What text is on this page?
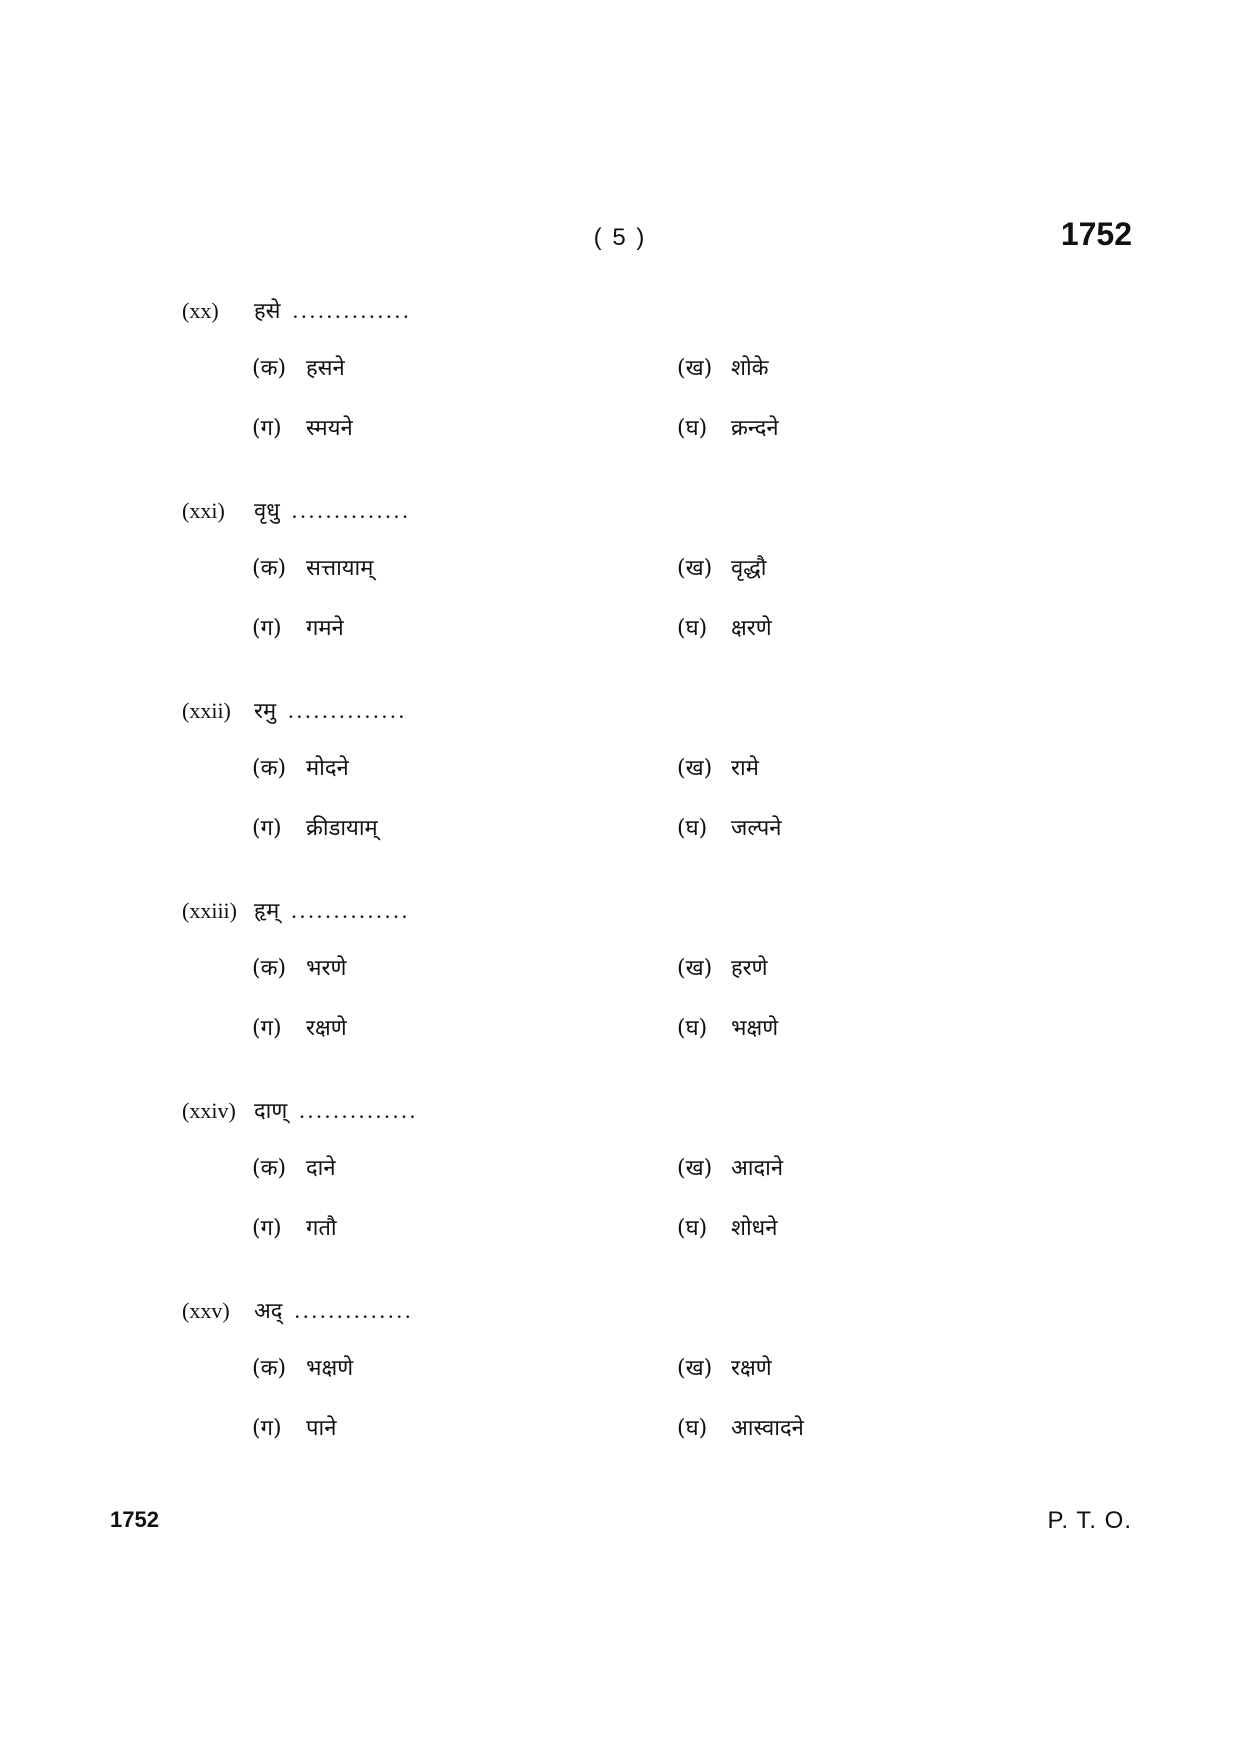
( 5 )	1752
(xx) हसे ..............
(क) हसने	(ख) शोके
(ग) स्मयने	(घ) क्रन्दने
(xxi) वृधु ..............
(क) सत्तायाम्	(ख) वृद्धौ
(ग) गमने	(घ) क्षरणे
(xxii) रमु ..............
(क) मोदने	(ख) रामे
(ग) क्रीडायाम्	(घ) जल्पने
(xxiii) हृम् ..............
(क) भरणे	(ख) हरणे
(ग) रक्षणे	(घ) भक्षणे
(xxiv) दाण् ..............
(क) दाने	(ख) आदाने
(ग) गतौ	(घ) शोधने
(xxv) अद् ..............
(क) भक्षणे	(ख) रक्षणे
(ग) पाने	(घ) आस्वादने
1752	P. T. O.
